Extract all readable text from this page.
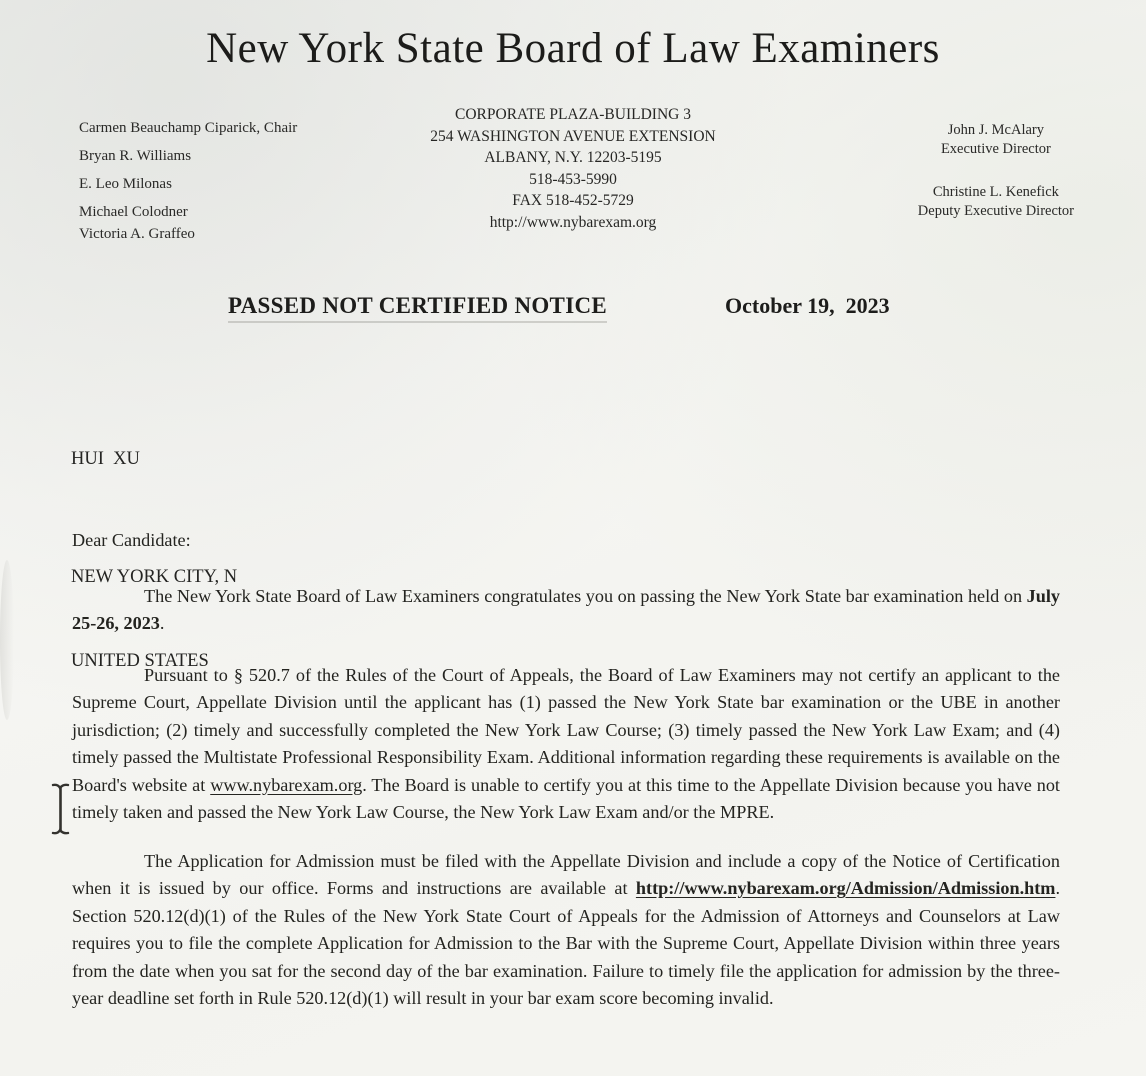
New York State Board of Law Examiners
Carmen Beauchamp Ciparick, Chair
Bryan R. Williams
E. Leo Milonas
Michael Colodner
Victoria A. Graffeo
CORPORATE PLAZA-BUILDING 3
254 WASHINGTON AVENUE EXTENSION
ALBANY, N.Y. 12203-5195
518-453-5990
FAX 518-452-5729
http://www.nybarexam.org
John J. McAlary
Executive Director
Christine L. Kenefick
Deputy Executive Director
PASSED NOT CERTIFIED NOTICE	October 19,  2023

HUI  XU

NEW YORK CITY, N

UNITED STATES

Dear Candidate:

The New York State Board of Law Examiners congratulates you on passing the New York State bar examination held on July 25-26, 2023.

Pursuant to § 520.7 of the Rules of the Court of Appeals, the Board of Law Examiners may not certify an applicant to the Supreme Court, Appellate Division until the applicant has (1) passed the New York State bar examination or the UBE in another jurisdiction; (2) timely and successfully completed the New York Law Course; (3) timely passed the New York Law Exam; and (4) timely passed the Multistate Professional Responsibility Exam. Additional information regarding these requirements is available on the Board's website at www.nybarexam.org. The Board is unable to certify you at this time to the Appellate Division because you have not timely taken and passed the New York Law Course, the New York Law Exam and/or the MPRE.

The Application for Admission must be filed with the Appellate Division and include a copy of the Notice of Certification when it is issued by our office. Forms and instructions are available at http://www.nybarexam.org/Admission/Admission.htm. Section 520.12(d)(1) of the Rules of the New York State Court of Appeals for the Admission of Attorneys and Counselors at Law requires you to file the complete Application for Admission to the Bar with the Supreme Court, Appellate Division within three years from the date when you sat for the second day of the bar examination. Failure to timely file the application for admission by the three-year deadline set forth in Rule 520.12(d)(1) will result in your bar exam score becoming invalid.
